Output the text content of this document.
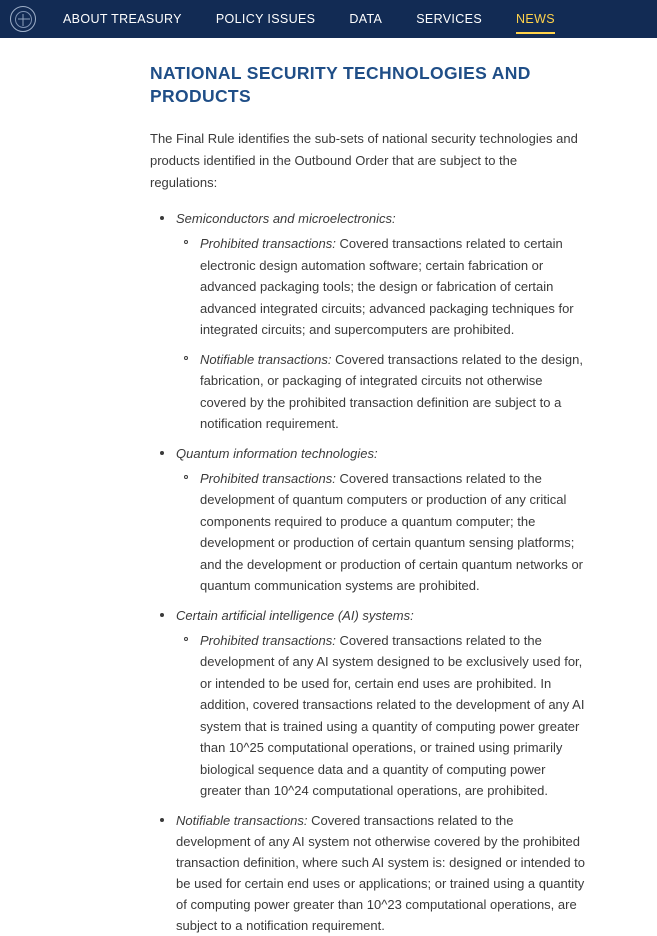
ABOUT TREASURY	POLICY ISSUES	DATA	SERVICES	NEWS
NATIONAL SECURITY TECHNOLOGIES AND PRODUCTS

The Final Rule identifies the sub-sets of national security technologies and products identified in the Outbound Order that are subject to the regulations:

Semiconductors and microelectronics:
Prohibited transactions: Covered transactions related to certain electronic design automation software; certain fabrication or advanced packaging tools; the design or fabrication of certain advanced integrated circuits; advanced packaging techniques for integrated circuits; and supercomputers are prohibited.
Notifiable transactions: Covered transactions related to the design, fabrication, or packaging of integrated circuits not otherwise covered by the prohibited transaction definition are subject to a notification requirement.
Quantum information technologies:
Prohibited transactions: Covered transactions related to the development of quantum computers or production of any critical components required to produce a quantum computer; the development or production of certain quantum sensing platforms; and the development or production of certain quantum networks or quantum communication systems are prohibited.
Certain artificial intelligence (AI) systems:
Prohibited transactions: Covered transactions related to the development of any AI system designed to be exclusively used for, or intended to be used for, certain end uses are prohibited. In addition, covered transactions related to the development of any AI system that is trained using a quantity of computing power greater than 10^25 computational operations, or trained using primarily biological sequence data and a quantity of computing power greater than 10^24 computational operations, are prohibited.
Notifiable transactions: Covered transactions related to the development of any AI system not otherwise covered by the prohibited transaction definition, where such AI system is: designed or intended to be used for certain end uses or applications; or trained using a quantity of computing power greater than 10^23 computational operations, are subject to a notification requirement.
